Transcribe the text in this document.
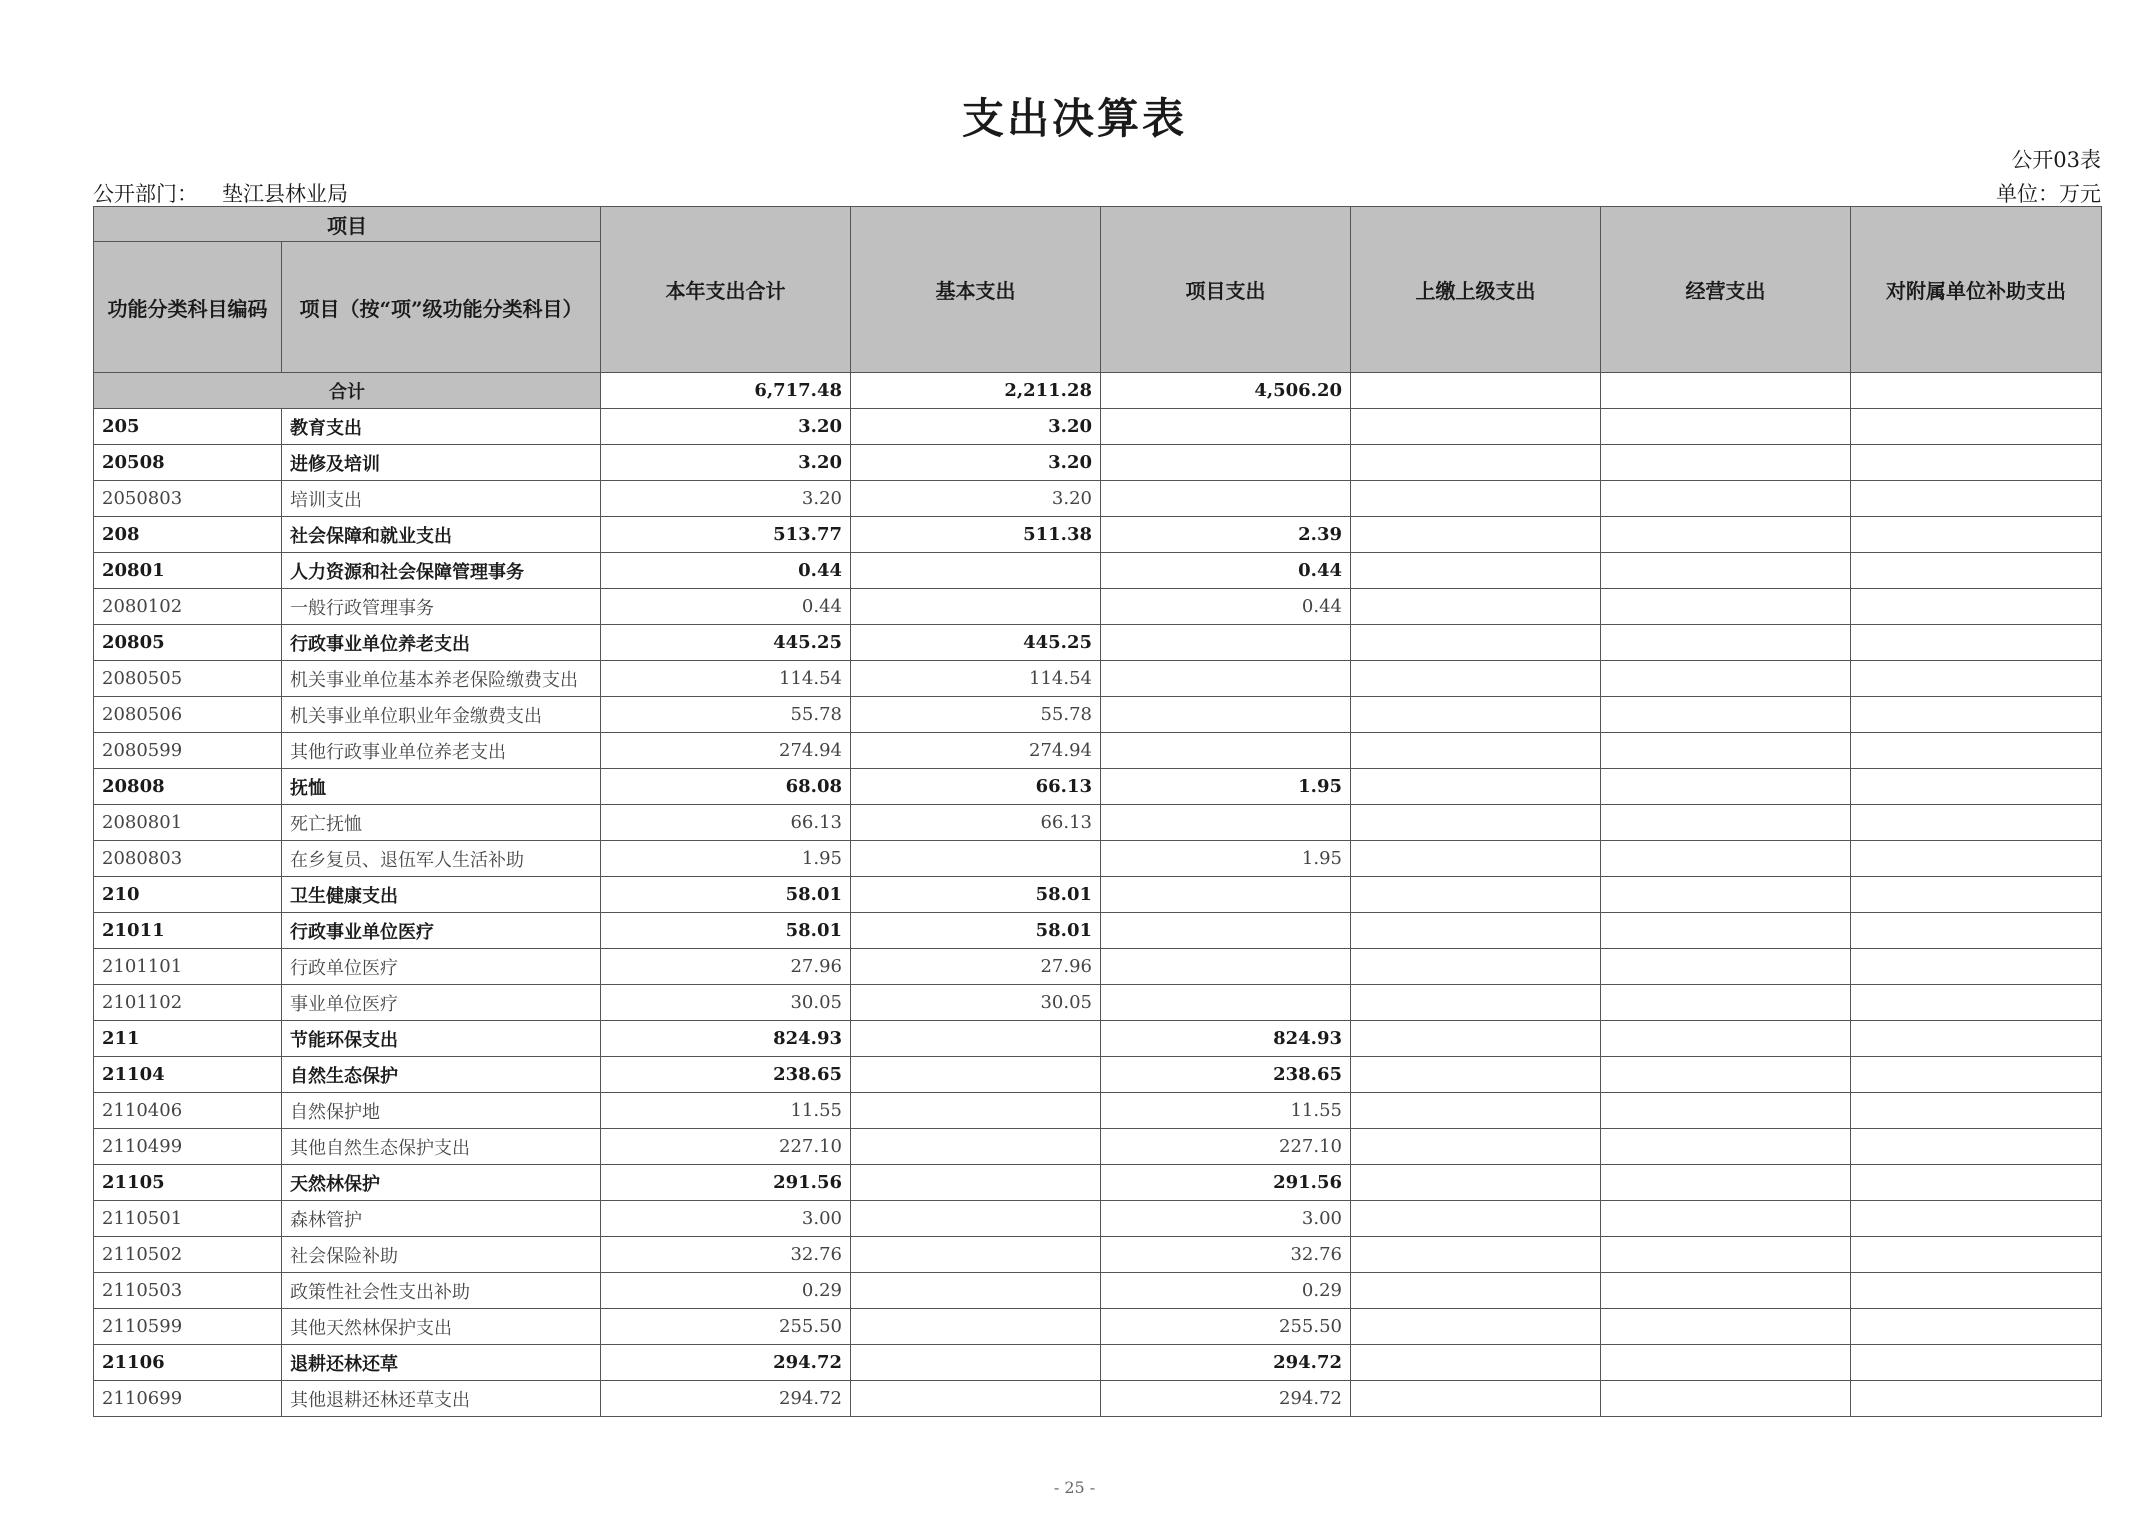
支出决算表
公开03表
公开部门： 垫江县林业局	单位：万元
项目		本年支出合计	基本支出	项目支出	上缴上级支出	经营支出	对附属单位补助支出
功能分类科目编码	项目（按“项”级功能分类科目）						
合计		6,717.48	2,211.28	4,506.20			
205	教育支出	3.20	3.20				
20508	进修及培训	3.20	3.20				
2050803	培训支出	3.20	3.20				
208	社会保障和就业支出	513.77	511.38	2.39			
20801	人力资源和社会保障管理事务	0.44		0.44			
2080102	一般行政管理事务	0.44		0.44			
20805	行政事业单位养老支出	445.25	445.25				
2080505	机关事业单位基本养老保险缴费支出	114.54	114.54				
2080506	机关事业单位职业年金缴费支出	55.78	55.78				
2080599	其他行政事业单位养老支出	274.94	274.94				
20808	抚恤	68.08	66.13	1.95			
2080801	死亡抚恤	66.13	66.13				
2080803	在乡复员、退伍军人生活补助	1.95		1.95			
210	卫生健康支出	58.01	58.01				
21011	行政事业单位医疗	58.01	58.01				
2101101	行政单位医疗	27.96	27.96				
2101102	事业单位医疗	30.05	30.05				
211	节能环保支出	824.93		824.93			
21104	自然生态保护	238.65		238.65			
2110406	自然保护地	11.55		11.55			
2110499	其他自然生态保护支出	227.10		227.10			
21105	天然林保护	291.56		291.56			
2110501	森林管护	3.00		3.00			
2110502	社会保险补助	32.76		32.76			
2110503	政策性社会性支出补助	0.29		0.29			
2110599	其他天然林保护支出	255.50		255.50			
21106	退耕还林还草	294.72		294.72			
2110699	其他退耕还林还草支出	294.72		294.72			
- 25 -
